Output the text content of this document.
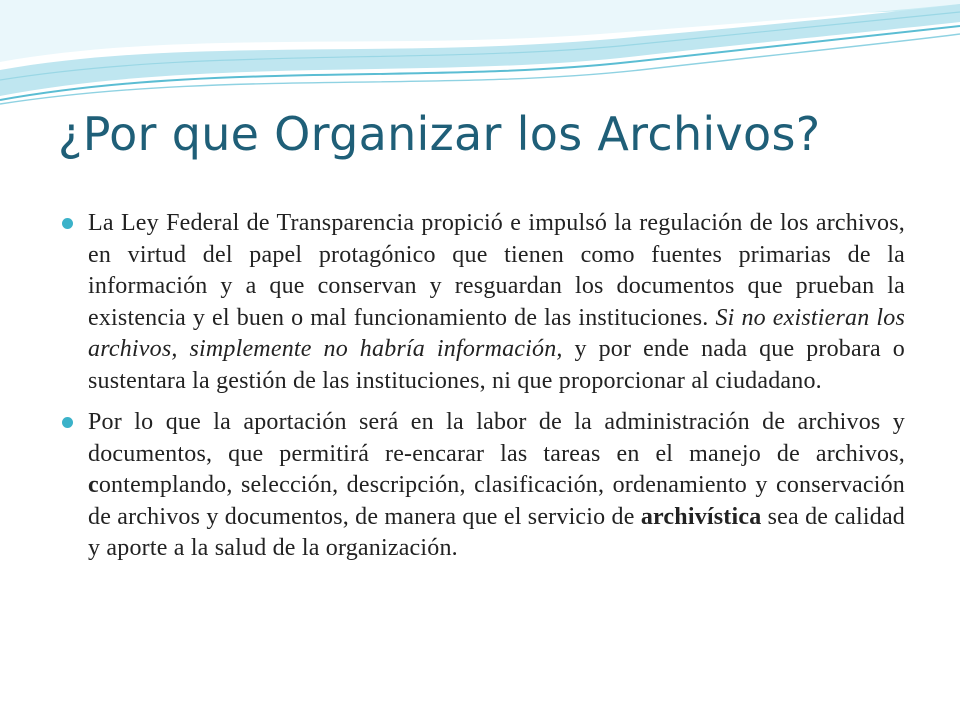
¿Por que Organizar los Archivos?
La Ley Federal de Transparencia propició e impulsó la regulación de los archivos, en virtud del papel protagónico que tienen como fuentes primarias de la información y a que conservan y resguardan los documentos que prueban la existencia y el buen o mal funcionamiento de las instituciones. Si no existieran los archivos, simplemente no habría información, y por ende nada que probara o sustentara la gestión de las instituciones, ni que proporcionar al ciudadano.
Por lo que la aportación será en la labor de la administración de archivos y documentos, que permitirá re-encarar las tareas en el manejo de archivos, contemplando, selección, descripción, clasificación, ordenamiento y conservación de archivos y documentos, de manera que el servicio de archivística sea de calidad y aporte a la salud de la organización.
